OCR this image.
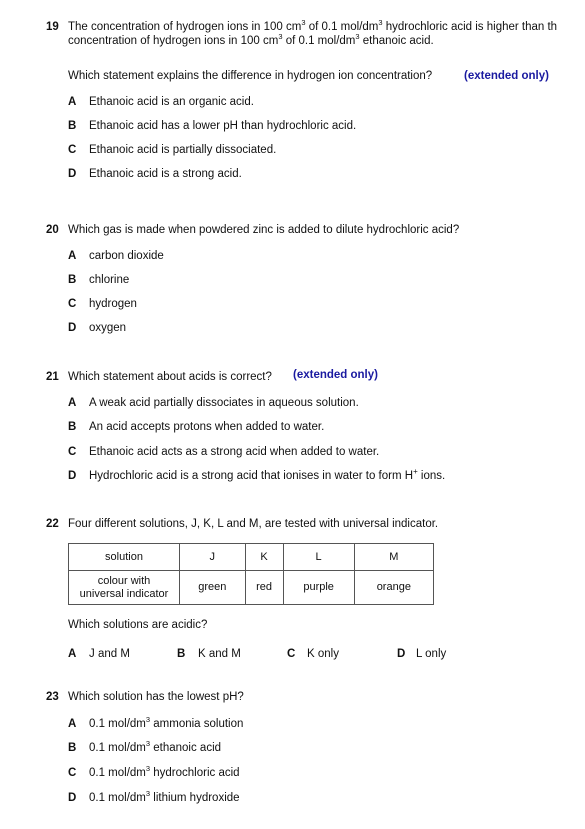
19 The concentration of hydrogen ions in 100 $cm^3$ of 0.1 mol/$dm^3$ hydrochloric acid is higher than th
concentration of hydrogen ions in 100 $cm^3$ of 0.1 mol/$dm^3$ ethanoic acid.
Which statement explains the difference in hydrogen ion concentration?	(extended only)
A Ethanoic acid is an organic acid.
B Ethanoic acid has a lower pH than hydrochloric acid.
C Ethanoic acid is partially dissociated.
D Ethanoic acid is a strong acid.
20 Which gas is made when powdered zinc is added to dilute hydrochloric acid?
A carbon dioxide
B chlorine
C hydrogen
D oxygen
21 Which statement about acids is correct? (extended only)
A A weak acid partially dissociates in aqueous solution.
B An acid accepts protons when added to water.
C Ethanoic acid acts as a strong acid when added to water.
D Hydrochloric acid is a strong acid that ionises in water to form H+ ions.
22 Four different solutions, J, K, L and M, are tested with universal indicator.
solution	J	K	L	M
colour with
universal indicator	green	red	purple	orange
Which solutions are acidic?
A J and M	B K and M	C K only	D L only
23 Which solution has the lowest pH?
A 0.1 mol/$dm^3$ ammonia solution
B 0.1 mol/$dm^3$ ethanoic acid
C 0.1 mol/$dm^3$ hydrochloric acid
D 0.1 mol/$dm^3$ lithium hydroxide
